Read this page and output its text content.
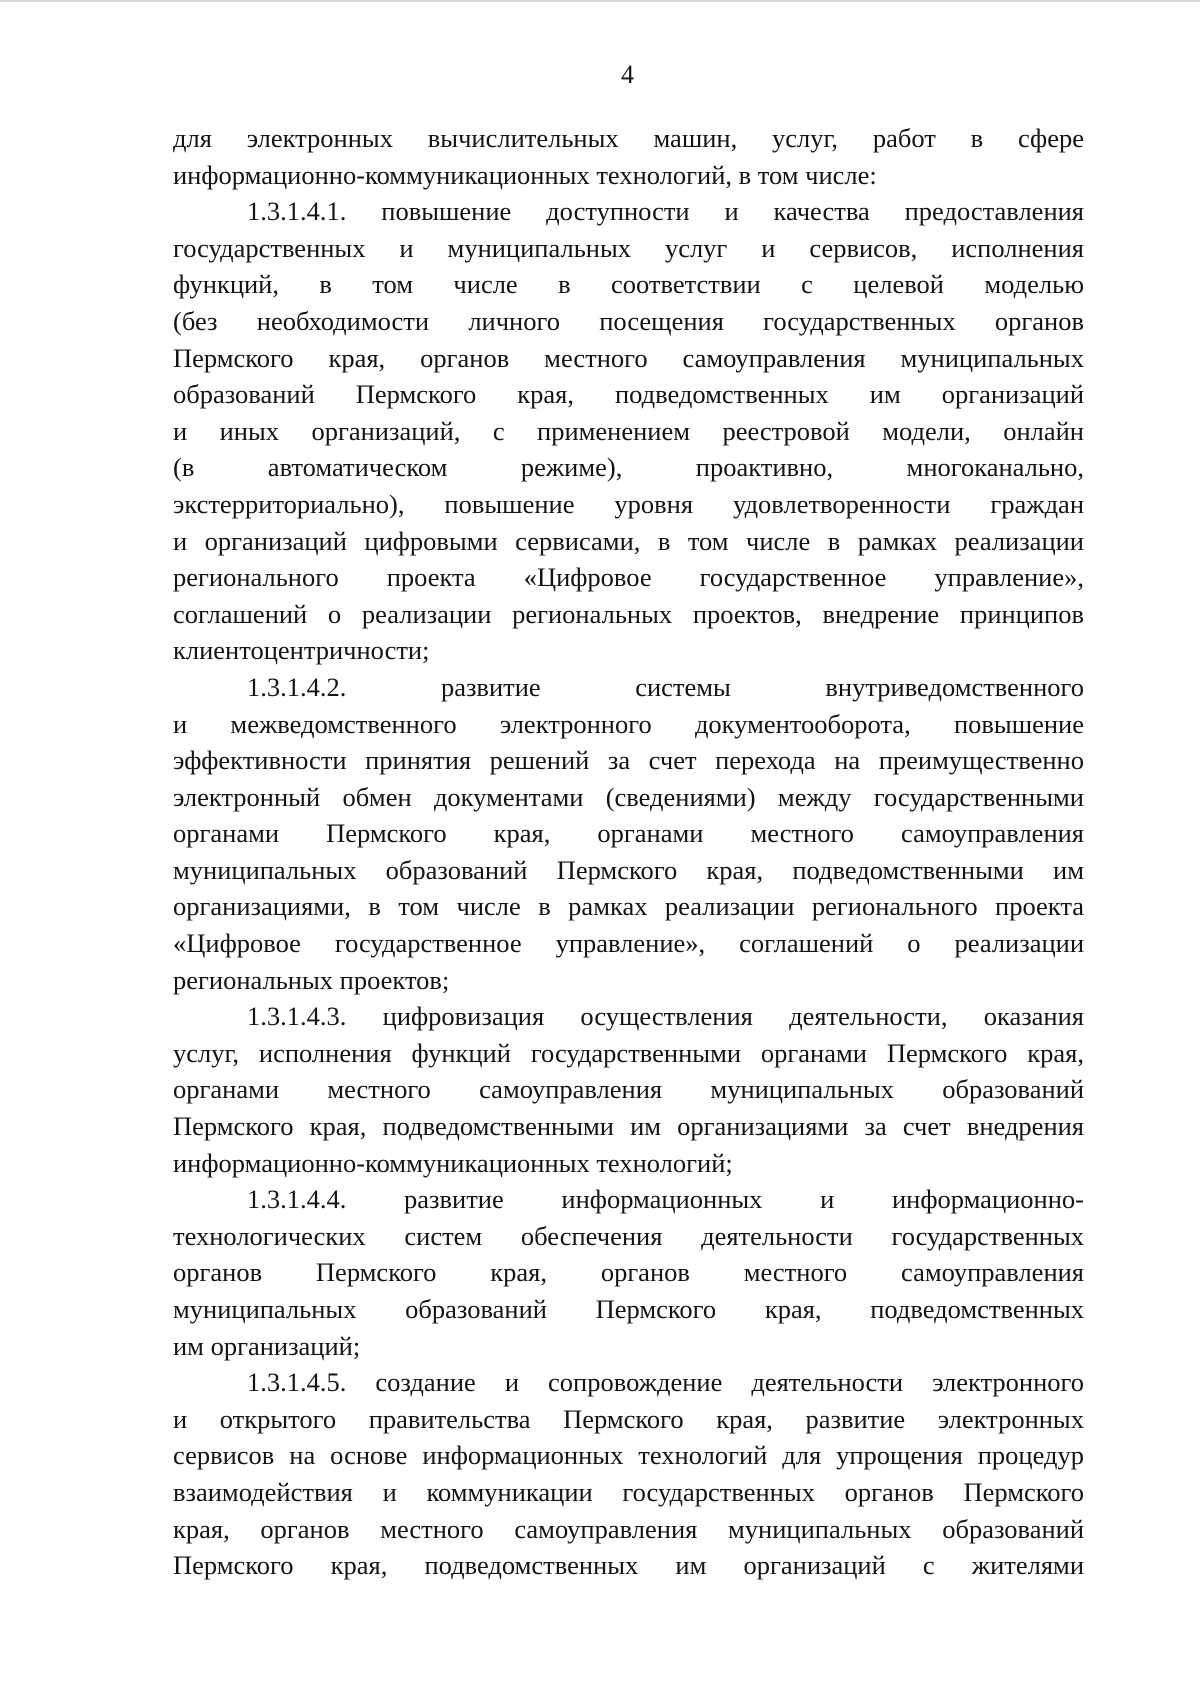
4

для электронных вычислительных машин, услуг, работ в сфере

информационно-коммуникационных технологий, в том числе:

1.3.1.4.1. повышение доступности и качества предоставления

государственных и муниципальных услуг и сервисов, исполнения

функций, в том числе в соответствии с целевой моделью

(без необходимости личного посещения государственных органов

Пермского края, органов местного самоуправления муниципальных

образований Пермского края, подведомственных им организаций

и иных организаций, с применением реестровой модели, онлайн

(в автоматическом режиме), проактивно, многоканально,

экстерриториально), повышение уровня удовлетворенности граждан

и организаций цифровыми сервисами, в том числе в рамках реализации

регионального проекта «Цифровое государственное управление»,

соглашений о реализации региональных проектов, внедрение принципов

клиентоцентричности;

1.3.1.4.2. развитие системы внутриведомственного

и межведомственного электронного документооборота, повышение

эффективности принятия решений за счет перехода на преимущественно

электронный обмен документами (сведениями) между государственными

органами Пермского края, органами местного самоуправления

муниципальных образований Пермского края, подведомственными им

организациями, в том числе в рамках реализации регионального проекта

«Цифровое государственное управление», соглашений о реализации

региональных проектов;

1.3.1.4.3. цифровизация осуществления деятельности, оказания

услуг, исполнения функций государственными органами Пермского края,

органами местного самоуправления муниципальных образований

Пермского края, подведомственными им организациями за счет внедрения

информационно-коммуникационных технологий;

1.3.1.4.4. развитие информационных и информационно-

технологических систем обеспечения деятельности государственных

органов Пермского края, органов местного самоуправления

муниципальных образований Пермского края, подведомственных

им организаций;

1.3.1.4.5. создание и сопровождение деятельности электронного

и открытого правительства Пермского края, развитие электронных

сервисов на основе информационных технологий для упрощения процедур

взаимодействия и коммуникации государственных органов Пермского

края, органов местного самоуправления муниципальных образований

Пермского края, подведомственных им организаций с жителями
